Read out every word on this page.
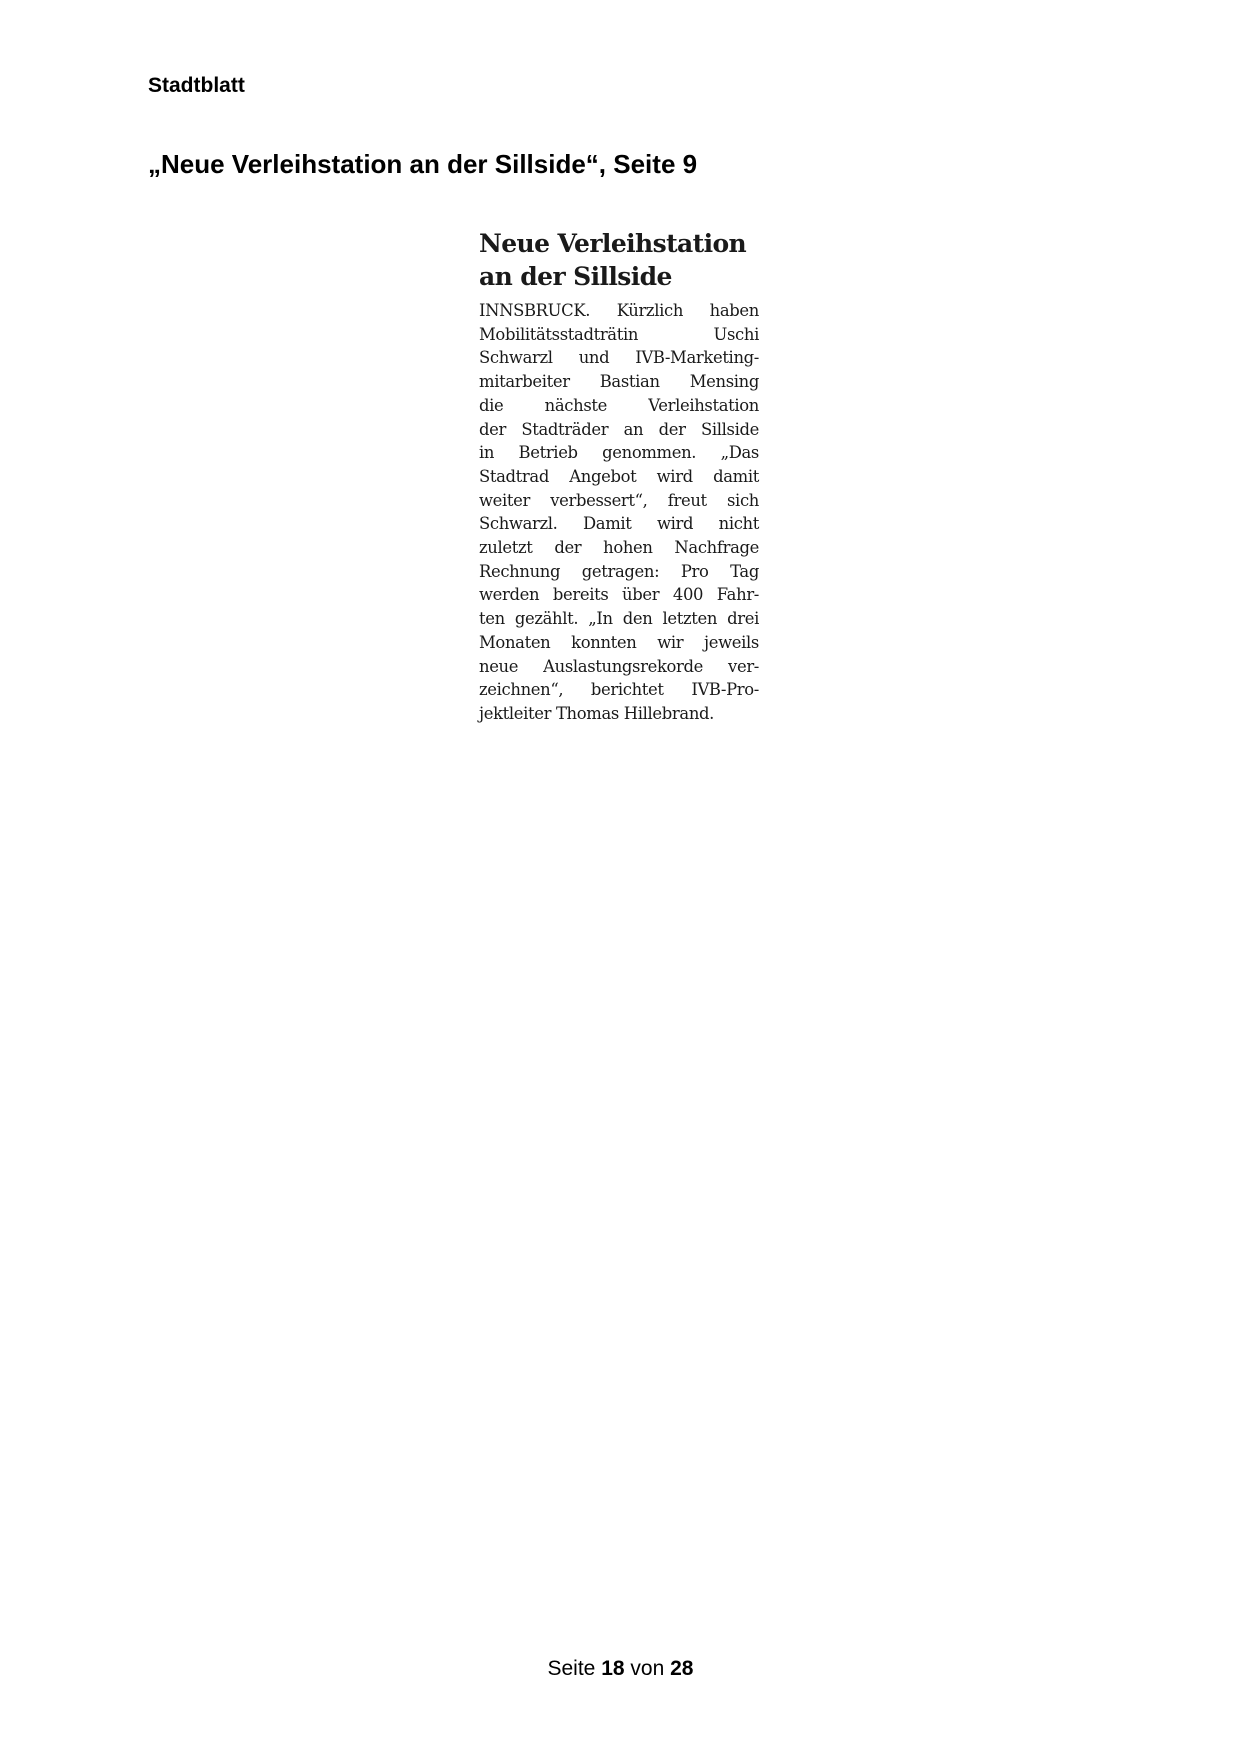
Stadtblatt
„Neue Verleihstation an der Sillside“, Seite 9
Neue Verleihstation
an der Sillside
INNSBRUCK. Kürzlich haben
Mobilitätsstadträtin Uschi
Schwarzl und IVB-Marketing-
mitarbeiter Bastian Mensing
die nächste Verleihstation
der Stadträder an der Sillside
in Betrieb genommen. „Das
Stadtrad Angebot wird damit
weiter verbessert“, freut sich
Schwarzl. Damit wird nicht
zuletzt der hohen Nachfrage
Rechnung getragen: Pro Tag
werden bereits über 400 Fahr-
ten gezählt. „In den letzten drei
Monaten konnten wir jeweils
neue Auslastungsrekorde ver-
zeichnen“, berichtet IVB-Pro-
jektleiter Thomas Hillebrand.
Seite 18 von 28
